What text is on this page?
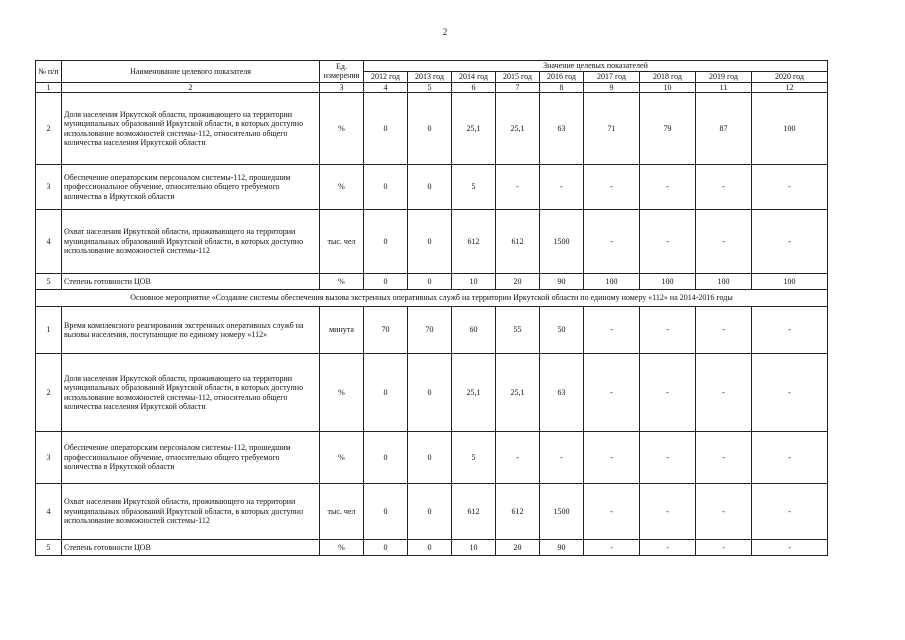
2
№ п/п	Наименование целевого показателя	Ед. измерения	Значение целевых показателей								
			2012 год	2013 год	2014 год	2015 год	2016 год	2017 год	2018 год	2019 год	2020 год
1	2	3	4	5	6	7	8	9	10	11	12
2	Доля населения Иркутской области, проживающего на территории муниципальных образований Иркутской области, в которых доступно использование возможностей системы-112, относительно общего количества населения Иркутской области	%	0	0	25,1	25,1	63	71	79	87	100
3	Обеспечение операторским персоналом системы-112, прошедшим профессиональное обучение, относительно общего требуемого количества в Иркутской области	%	0	0	5	-	-	-	-	-	-
4	Охват населения Иркутской области, проживающего на территории муниципальных образований Иркутской области, в которых доступно использование возможностей системы-112	тыс. чел	0	0	612	612	1500	-	-	-	-
5	Степень готовности ЦОВ	%	0	0	10	20	90	100	100	100	100
Основное мероприятие «Создание системы обеспечения вызова экстренных оперативных служб на территории Иркутской области по единому номеру «112» на 2014-2016 годы											
1	Время комплексного реагирования экстренных оперативных служб на вызовы населения, поступающие по единому номеру «112»	минута	70	70	60	55	50	-	-	-	-
2	Доля населения Иркутской области, проживающего на территории муниципальных образований Иркутской области, в которых доступно использование возможностей системы-112, относительно общего количества населения Иркутской области	%	0	0	25,1	25,1	63	-	-	-	-
3	Обеспечение операторским персоналом системы-112, прошедшим профессиональное обучение, относительно общего требуемого количества в Иркутской области	%	0	0	5	-	-	-	-	-	-
4	Охват населения Иркутской области, проживающего на территории муниципальных образований Иркутской области, в которых доступно использование возможностей системы-112	тыс. чел	0	0	612	612	1500	-	-	-	-
5	Степень готовности ЦОВ	%	0	0	10	20	90	-	-	-	-
